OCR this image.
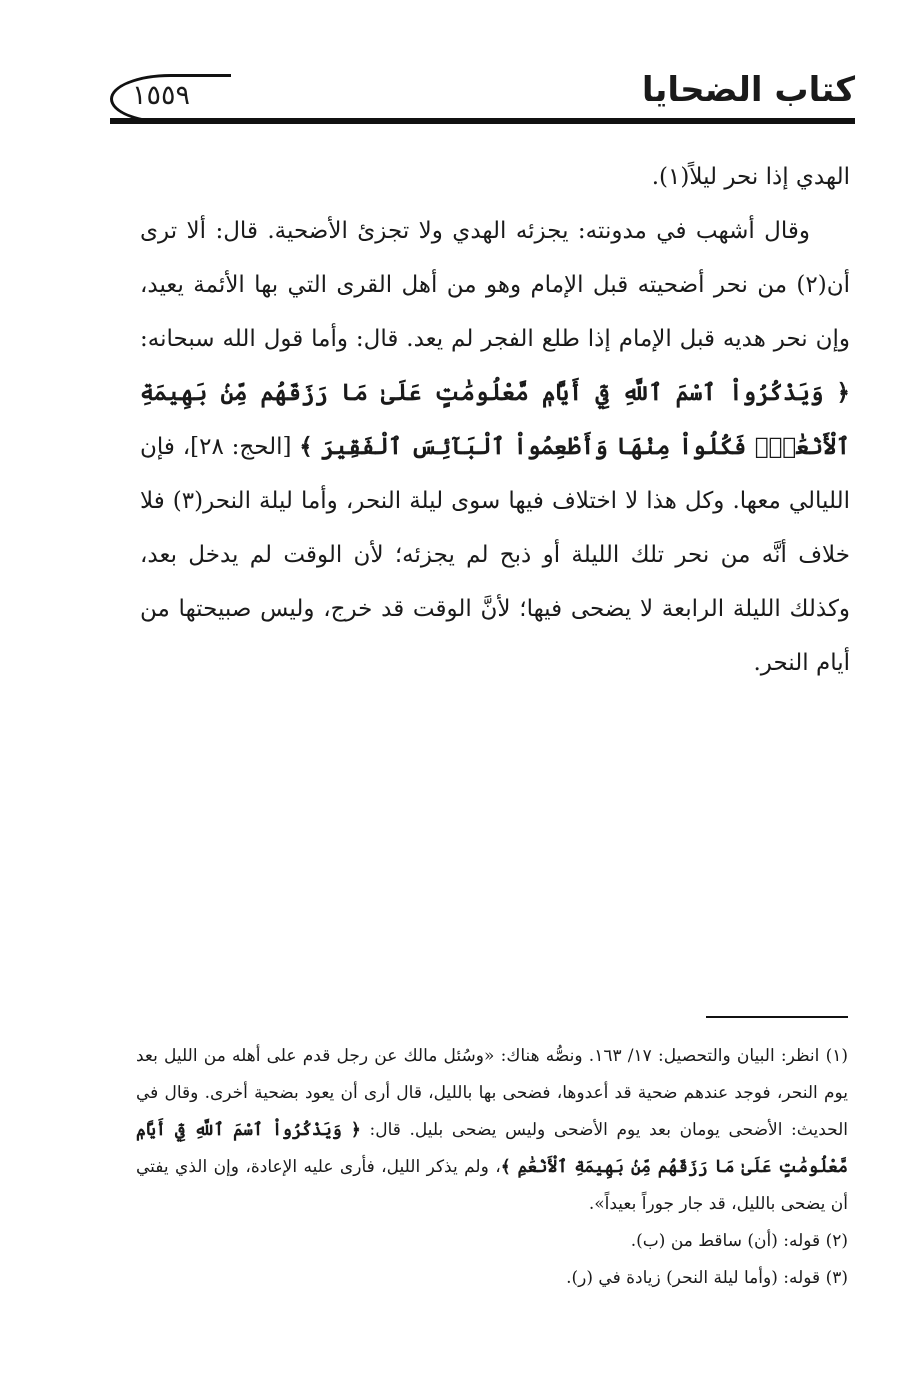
كتاب الضحايا
١٥٥٩

الهدي إذا نحر ليلاً(١).

وقال أشهب في مدونته: يجزئه الهدي ولا تجزئ الأضحية. قال: ألا ترى أن(٢) من نحر أضحيته قبل الإمام وهو من أهل القرى التي بها الأئمة يعيد، وإن نحر هديه قبل الإمام إذا طلع الفجر لم يعد. قال: وأما قول الله سبحانه: ﴿ وَيَذْكُرُواْ ٱسْمَ ٱللَّهِ فِيٓ أَيَّامٖ مَّعْلُومَٰتٍ عَلَىٰ مَا رَزَقَهُم مِّنۢ بَهِيمَةِ ٱلْأَنْعَٰمِۖ فَكُلُواْ مِنْهَا وَأَطْعِمُواْ ٱلْبَآئِسَ ٱلْفَقِيرَ ﴾ [الحج: ٢٨]، فإن الليالي معها. وكل هذا لا اختلاف فيها سوى ليلة النحر، وأما ليلة النحر(٣) فلا خلاف أنَّه من نحر تلك الليلة أو ذبح لم يجزئه؛ لأن الوقت لم يدخل بعد، وكذلك الليلة الرابعة لا يضحى فيها؛ لأنَّ الوقت قد خرج، وليس صبيحتها من أيام النحر.

(١) انظر: البيان والتحصيل: ١٧/ ١٦٣. ونصُّه هناك: «وسُئل مالك عن رجل قدم على أهله من الليل بعد يوم النحر، فوجد عندهم ضحية قد أعدوها، فضحى بها بالليل، قال أرى أن يعود بضحية أخرى. وقال في الحديث: الأضحى يومان بعد يوم الأضحى وليس يضحى بليل. قال: ﴿ وَيَذْكُرُواْ ٱسْمَ ٱللَّهِ فِيٓ أَيَّامٖ مَّعْلُومَٰتٍ عَلَىٰ مَا رَزَقَهُم مِّنۢ بَهِيمَةِ ٱلْأَنْعَٰمِ ﴾، ولم يذكر الليل، فأرى عليه الإعادة، وإن الذي يفتي أن يضحى بالليل، قد جار جوراً بعيداً».

(٢) قوله: (أن) ساقط من (ب).

(٣) قوله: (وأما ليلة النحر) زيادة في (ر).
